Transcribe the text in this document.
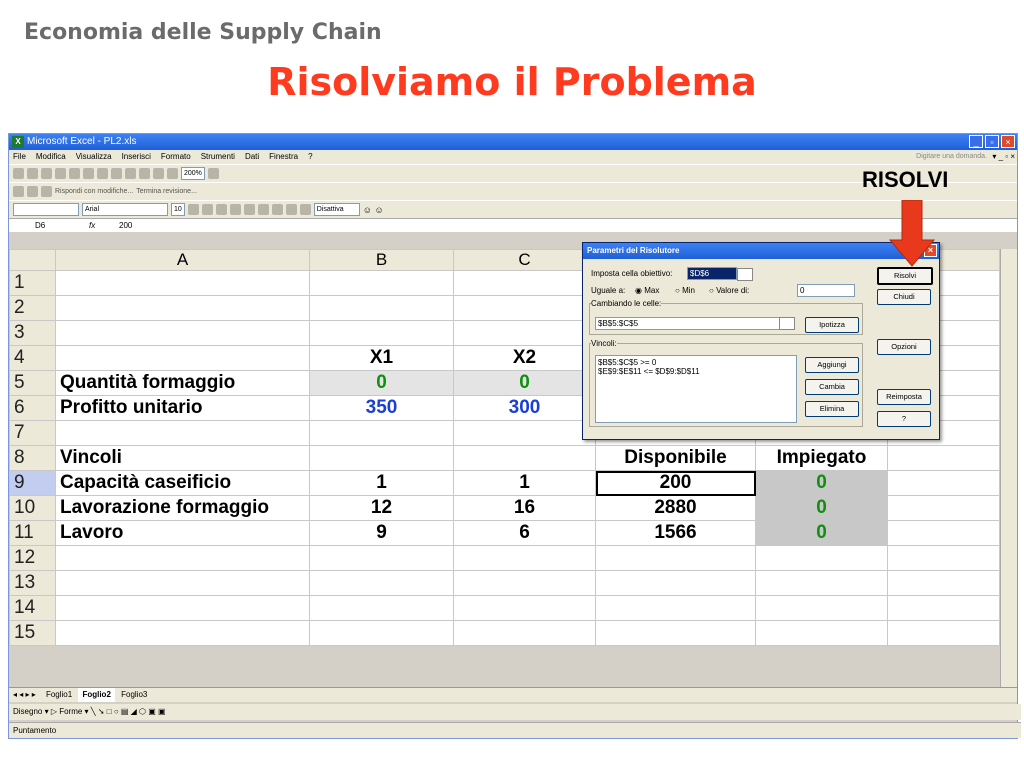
Economia delle Supply Chain
Risolviamo il Problema
X Microsoft Excel - PL2.xls	_	▫	×
File Modifica Visualizza Inserisci Formato Strumenti Dati Finestra ?	Digitare una domanda. ▾ _ ▫ ×
200%
Rispondi con modifiche... Termina revisione...
Arial	10	Disattiva	☺ ☺
D6	fx	200
	A	B	C			
1						
2						
3						
4		X1	X2			
5	Quantità formaggio	0	0			
6	Profitto unitario	350	300			
7						
8	Vincoli			Disponibile	Impiegato	
9	Capacità caseificio	1	1	200	0	
10	Lavorazione formaggio	12	16	2880	0	
11	Lavoro	9	6	1566	0	
12						
13						
14						
15						
◂ ◂ ▸ ▸ Foglio1 Foglio2 Foglio3
Disegno ▾ ▷ Forme ▾ ╲ ➘ □ ○ ▤ ◢ ⬡ ▣ ▣
Puntamento
Parametri del Risolutore	×
Imposta cella obiettivo:	$D$6
Uguale a: ◉ Max ○ Min ○ Valore di:	0
Cambiando le celle:
$B$5:$C$5	Ipotizza
Vincoli:
$B$5:$C$5 >= 0
$E$9:$E$11 <= $D$9:$D$11
Aggiungi
Cambia
Elimina
Risolvi
Chiudi
Opzioni
Reimposta
?
RISOLVI
